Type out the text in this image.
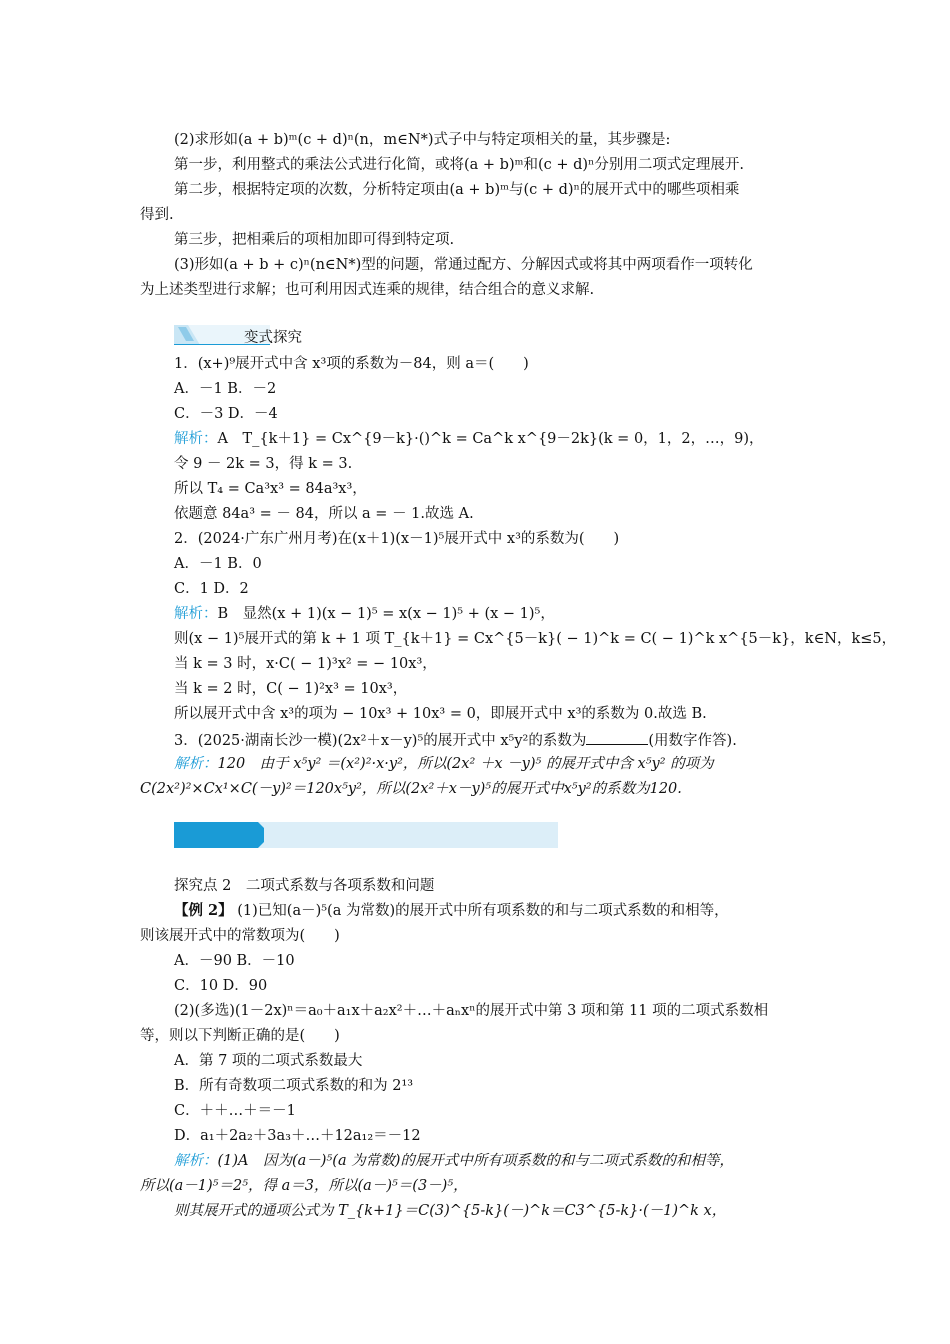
(2)求形如(a + b)ᵐ(c + d)ⁿ(n，m∈N*)式子中与特定项相关的量，其步骤是:
第一步，利用整式的乘法公式进行化简，或将(a + b)ᵐ和(c + d)ⁿ分别用二项式定理展开.
第二步，根据特定项的次数，分析特定项由(a + b)ᵐ与(c + d)ⁿ的展开式中的哪些项相乘
得到.
第三步，把相乘后的项相加即可得到特定项.
(3)形如(a + b + c)ⁿ(n∈N*)型的问题，常通过配方、分解因式或将其中两项看作一项转化
为上述类型进行求解；也可利用因式连乘的规律，结合组合的意义求解.
变式探究
1．(x+)⁹展开式中含 x³项的系数为－84，则 a＝(　　)
A．－1 B．－2
C．－3 D．－4
解析：A　T_{k＋1} = Cx^{9－k}·()^k = Ca^k x^{9－2k}(k = 0，1，2，…，9)，
令 9 － 2k = 3，得 k = 3.
所以 T₄ = Ca³x³ = 84a³x³，
依题意 84a³ = － 84，所以 a = － 1.故选 A.
2．(2024·广东广州月考)在(x＋1)(x－1)⁵展开式中 x³的系数为(　　)
A．－1 B．0
C．1 D．2
解析：B　显然(x + 1)(x − 1)⁵ = x(x − 1)⁵ + (x − 1)⁵，
则(x − 1)⁵展开式的第 k + 1 项 T_{k＋1} = Cx^{5－k}( − 1)^k = C( − 1)^k x^{5－k}，k∈N，k≤5，
当 k = 3 时，x·C( − 1)³x² = − 10x³，
当 k = 2 时，C( − 1)²x³ = 10x³，
所以展开式中含 x³的项为 − 10x³ + 10x³ = 0，即展开式中 x³的系数为 0.故选 B.
3．(2025·湖南长沙一模)(2x²＋x－y)⁵的展开式中 x⁵y²的系数为	(用数字作答).
解析：120　由于 x⁵y² ＝(x²)²·x·y²，所以(2x² ＋x －y)⁵ 的展开式中含 x⁵y² 的项为
C(2x²)²×Cx¹×C(－y)²＝120x⁵y²，所以(2x²＋x－y)⁵的展开式中x⁵y²的系数为120.
探究点 2　二项式系数与各项系数和问题
【例 2】 (1)已知(a－)⁵(a 为常数)的展开式中所有项系数的和与二项式系数的和相等，
则该展开式中的常数项为(　　)
A．－90 B．－10
C．10 D．90
(2)(多选)(1－2x)ⁿ＝a₀＋a₁x＋a₂x²＋…＋aₙxⁿ的展开式中第 3 项和第 11 项的二项式系数相
等，则以下判断正确的是(　　)
A．第 7 项的二项式系数最大
B．所有奇数项二项式系数的和为 2¹³
C．＋＋…＋＝－1
D．a₁＋2a₂＋3a₃＋…＋12a₁₂＝－12
解析：(1)A　因为(a－)⁵(a 为常数)的展开式中所有项系数的和与二项式系数的和相等，
所以(a－1)⁵＝2⁵，得 a＝3，所以(a－)⁵＝(3－)⁵，
则其展开式的通项公式为 T_{k+1}＝C(3)^{5-k}(－)^k＝C3^{5-k}·(－1)^k x，
